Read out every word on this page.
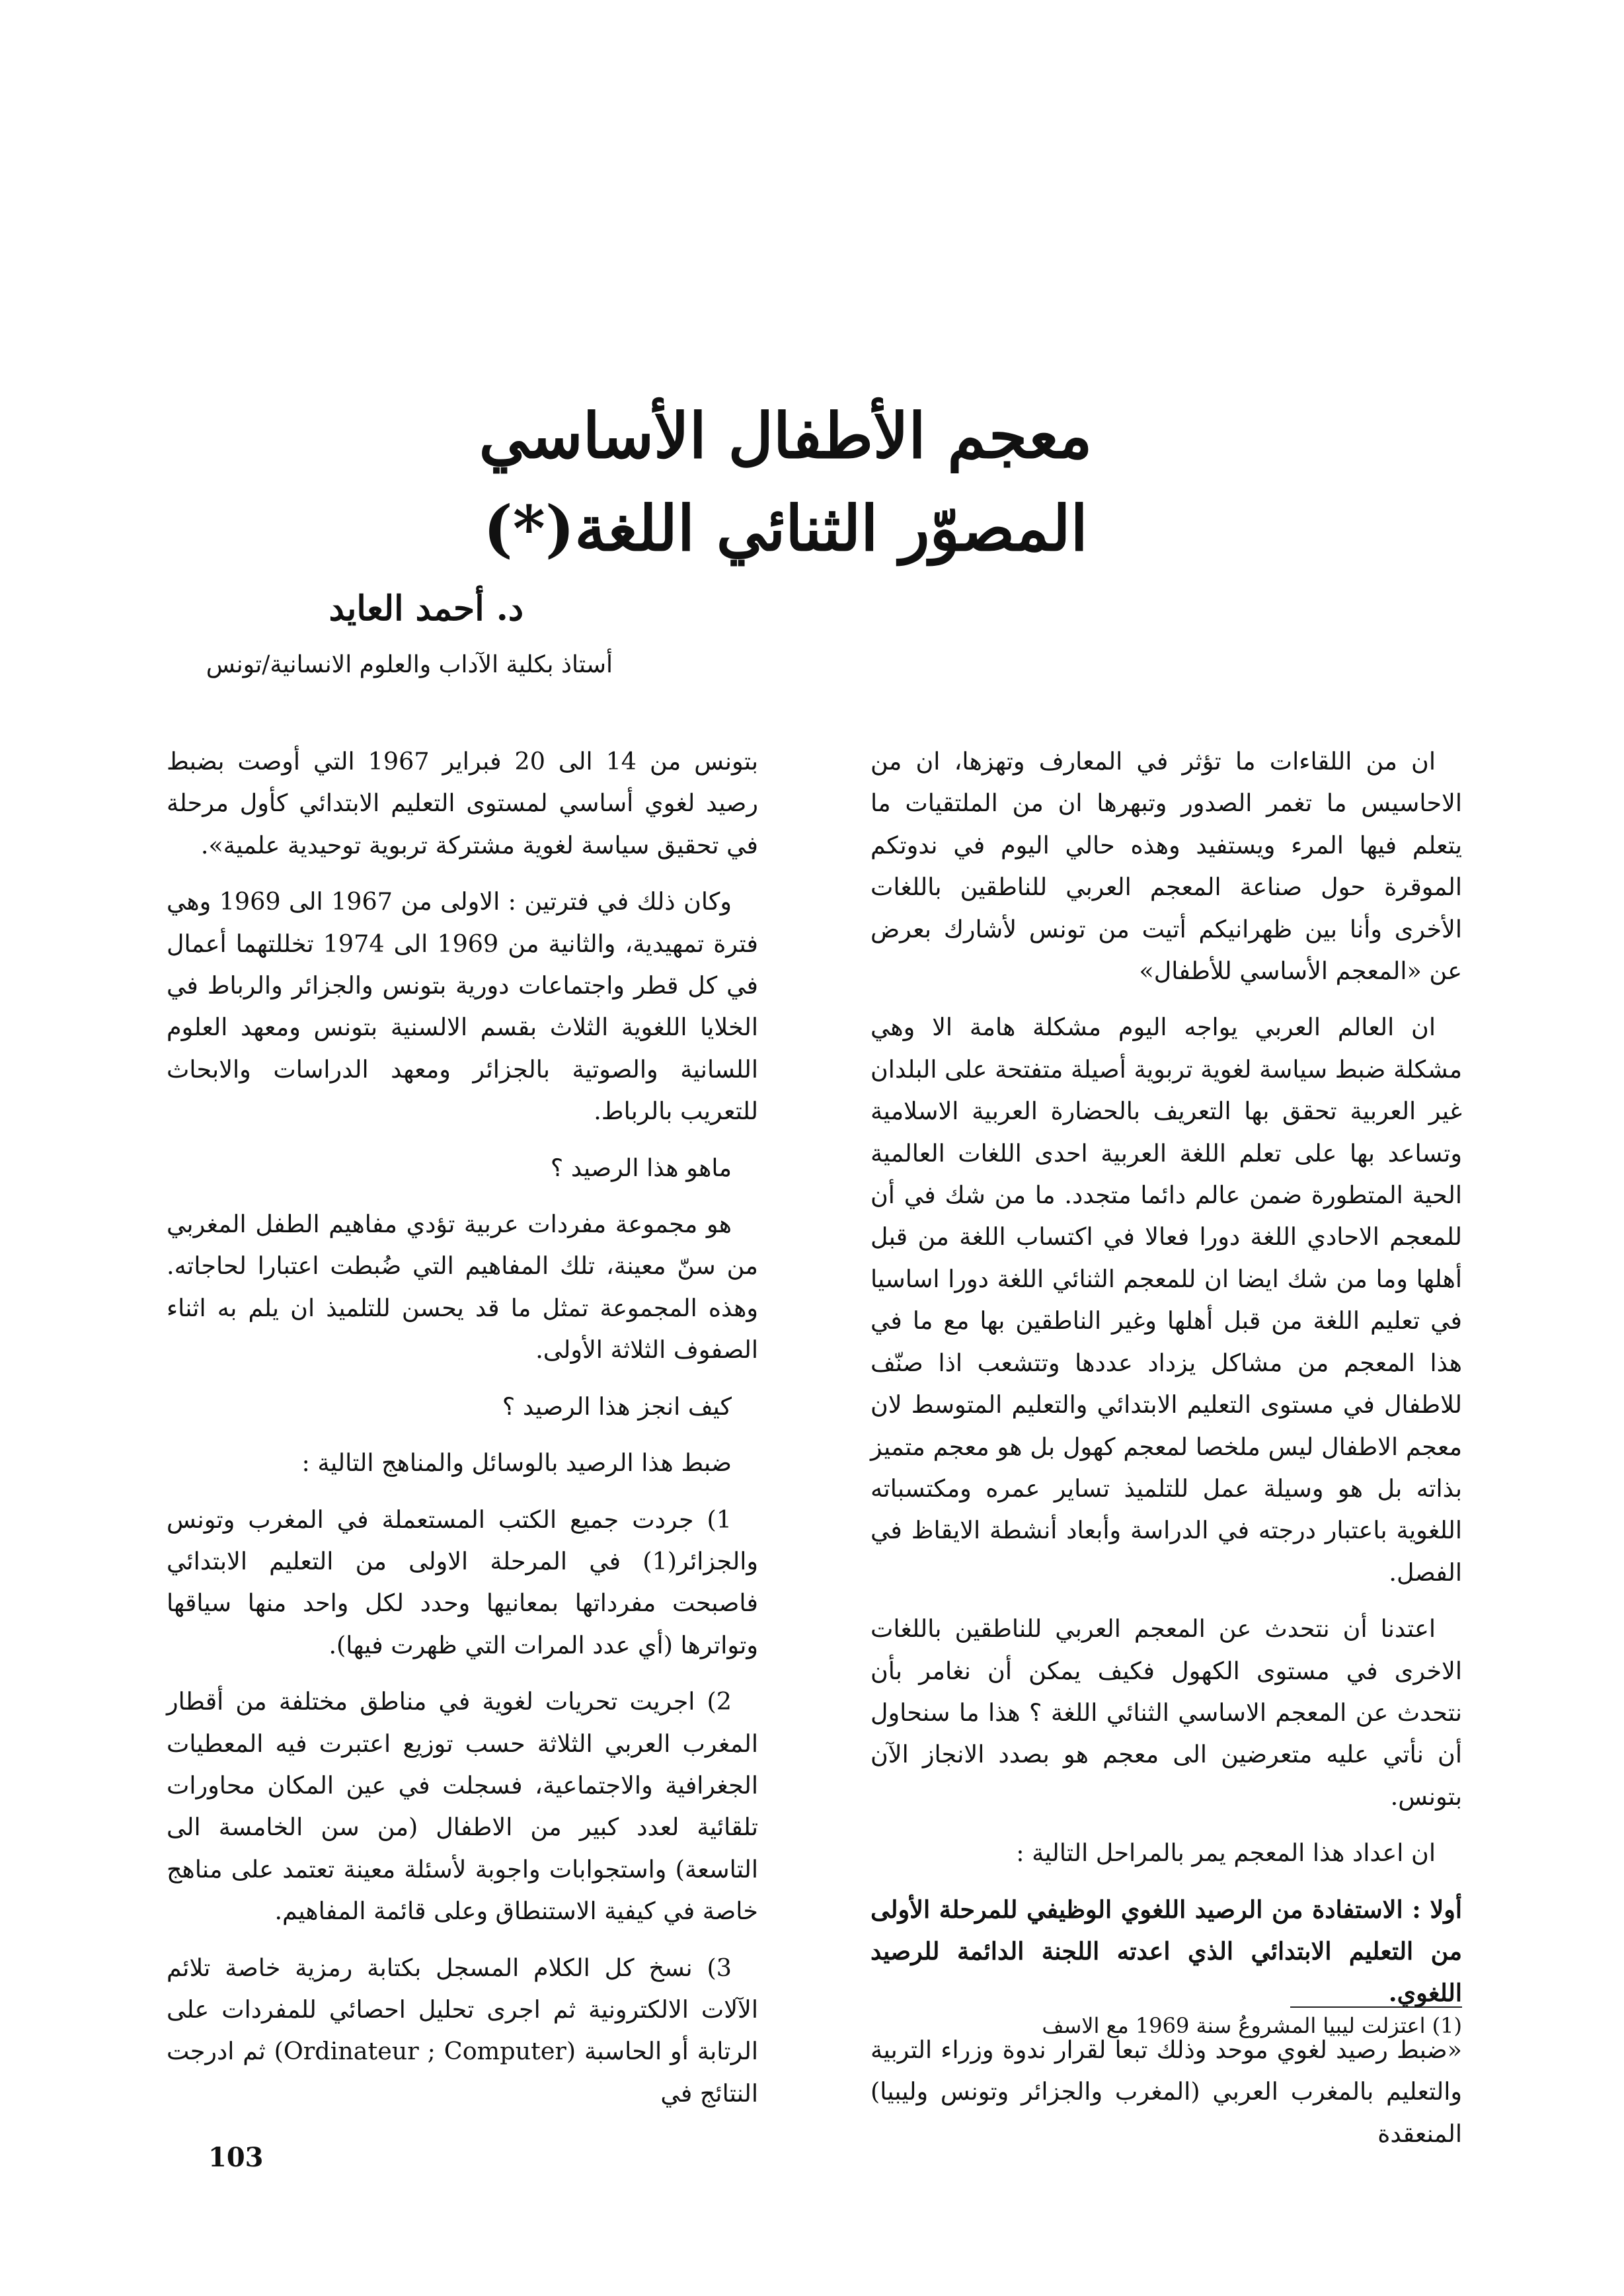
معجم الأطفال الأساسي
المصوّر الثنائي اللغة(*)
د. أحمد العايد
أستاذ بكلية الآداب والعلوم الانسانية/تونس

ان من اللقاءات ما تؤثر في المعارف وتهزها، ان من الاحاسيس ما تغمر الصدور وتبهرها ان من الملتقيات ما يتعلم فيها المرء ويستفيد وهذه حالي اليوم في ندوتكم الموقرة حول صناعة المعجم العربي للناطقين باللغات الأخرى وأنا بين ظهرانيكم أتيت من تونس لأشارك بعرض عن «المعجم الأساسي للأطفال»

ان العالم العربي يواجه اليوم مشكلة هامة الا وهي مشكلة ضبط سياسة لغوية تربوية أصيلة متفتحة على البلدان غير العربية تحقق بها التعريف بالحضارة العربية الاسلامية وتساعد بها على تعلم اللغة العربية احدى اللغات العالمية الحية المتطورة ضمن عالم دائما متجدد. ما من شك في أن للمعجم الاحادي اللغة دورا فعالا في اكتساب اللغة من قبل أهلها وما من شك ايضا ان للمعجم الثنائي اللغة دورا اساسيا في تعليم اللغة من قبل أهلها وغير الناطقين بها مع ما في هذا المعجم من مشاكل يزداد عددها وتتشعب اذا صنّف للاطفال في مستوى التعليم الابتدائي والتعليم المتوسط لان معجم الاطفال ليس ملخصا لمعجم كهول بل هو معجم متميز بذاته بل هو وسيلة عمل للتلميذ تساير عمره ومكتسباته اللغوية باعتبار درجته في الدراسة وأبعاد أنشطة الايقاظ في الفصل.

اعتدنا أن نتحدث عن المعجم العربي للناطقين باللغات الاخرى في مستوى الكهول فكيف يمكن أن نغامر بأن نتحدث عن المعجم الاساسي الثنائي اللغة ؟ هذا ما سنحاول أن نأتي عليه متعرضين الى معجم هو بصدد الانجاز الآن بتونس.

ان اعداد هذا المعجم يمر بالمراحل التالية :

أولا : الاستفادة من الرصيد اللغوي الوظيفي للمرحلة الأولى من التعليم الابتدائي الذي اعدته اللجنة الدائمة للرصيد اللغوي.

«ضبط رصيد لغوي موحد وذلك تبعا لقرار ندوة وزراء التربية والتعليم بالمغرب العربي (المغرب والجزائر وتونس وليبيا) المنعقدة

بتونس من 14 الى 20 فبراير 1967 التي أوصت بضبط رصيد لغوي أساسي لمستوى التعليم الابتدائي كأول مرحلة في تحقيق سياسة لغوية مشتركة تربوية توحيدية علمية».

وكان ذلك في فترتين : الاولى من 1967 الى 1969 وهي فترة تمهيدية، والثانية من 1969 الى 1974 تخللتهما أعمال في كل قطر واجتماعات دورية بتونس والجزائر والرباط في الخلايا اللغوية الثلاث بقسم الالسنية بتونس ومعهد العلوم اللسانية والصوتية بالجزائر ومعهد الدراسات والابحاث للتعريب بالرباط.

ماهو هذا الرصيد ؟

هو مجموعة مفردات عربية تؤدي مفاهيم الطفل المغربي من سنّ معينة، تلك المفاهيم التي ضُبطت اعتبارا لحاجاته. وهذه المجموعة تمثل ما قد يحسن للتلميذ ان يلم به اثناء الصفوف الثلاثة الأولى.

كيف انجز هذا الرصيد ؟

ضبط هذا الرصيد بالوسائل والمناهج التالية :

1) جردت جميع الكتب المستعملة في المغرب وتونس والجزائر(1) في المرحلة الاولى من التعليم الابتدائي فاصبحت مفرداتها بمعانيها وحدد لكل واحد منها سياقها وتواترها (أي عدد المرات التي ظهرت فيها).

2) اجريت تحريات لغوية في مناطق مختلفة من أقطار المغرب العربي الثلاثة حسب توزيع اعتبرت فيه المعطيات الجغرافية والاجتماعية، فسجلت في عين المكان محاورات تلقائية لعدد كبير من الاطفال (من سن الخامسة الى التاسعة) واستجوابات واجوبة لأسئلة معينة تعتمد على مناهج خاصة في كيفية الاستنطاق وعلى قائمة المفاهيم.

3) نسخ كل الكلام المسجل بكتابة رمزية خاصة تلائم الآلات الالكترونية ثم اجرى تحليل احصائي للمفردات على الرتابة أو الحاسبة (Ordinateur ; Computer) ثم ادرجت النتائج في

(1) اعتزلت ليبيا المشروعُ سنة 1969 مع الاسف
103
